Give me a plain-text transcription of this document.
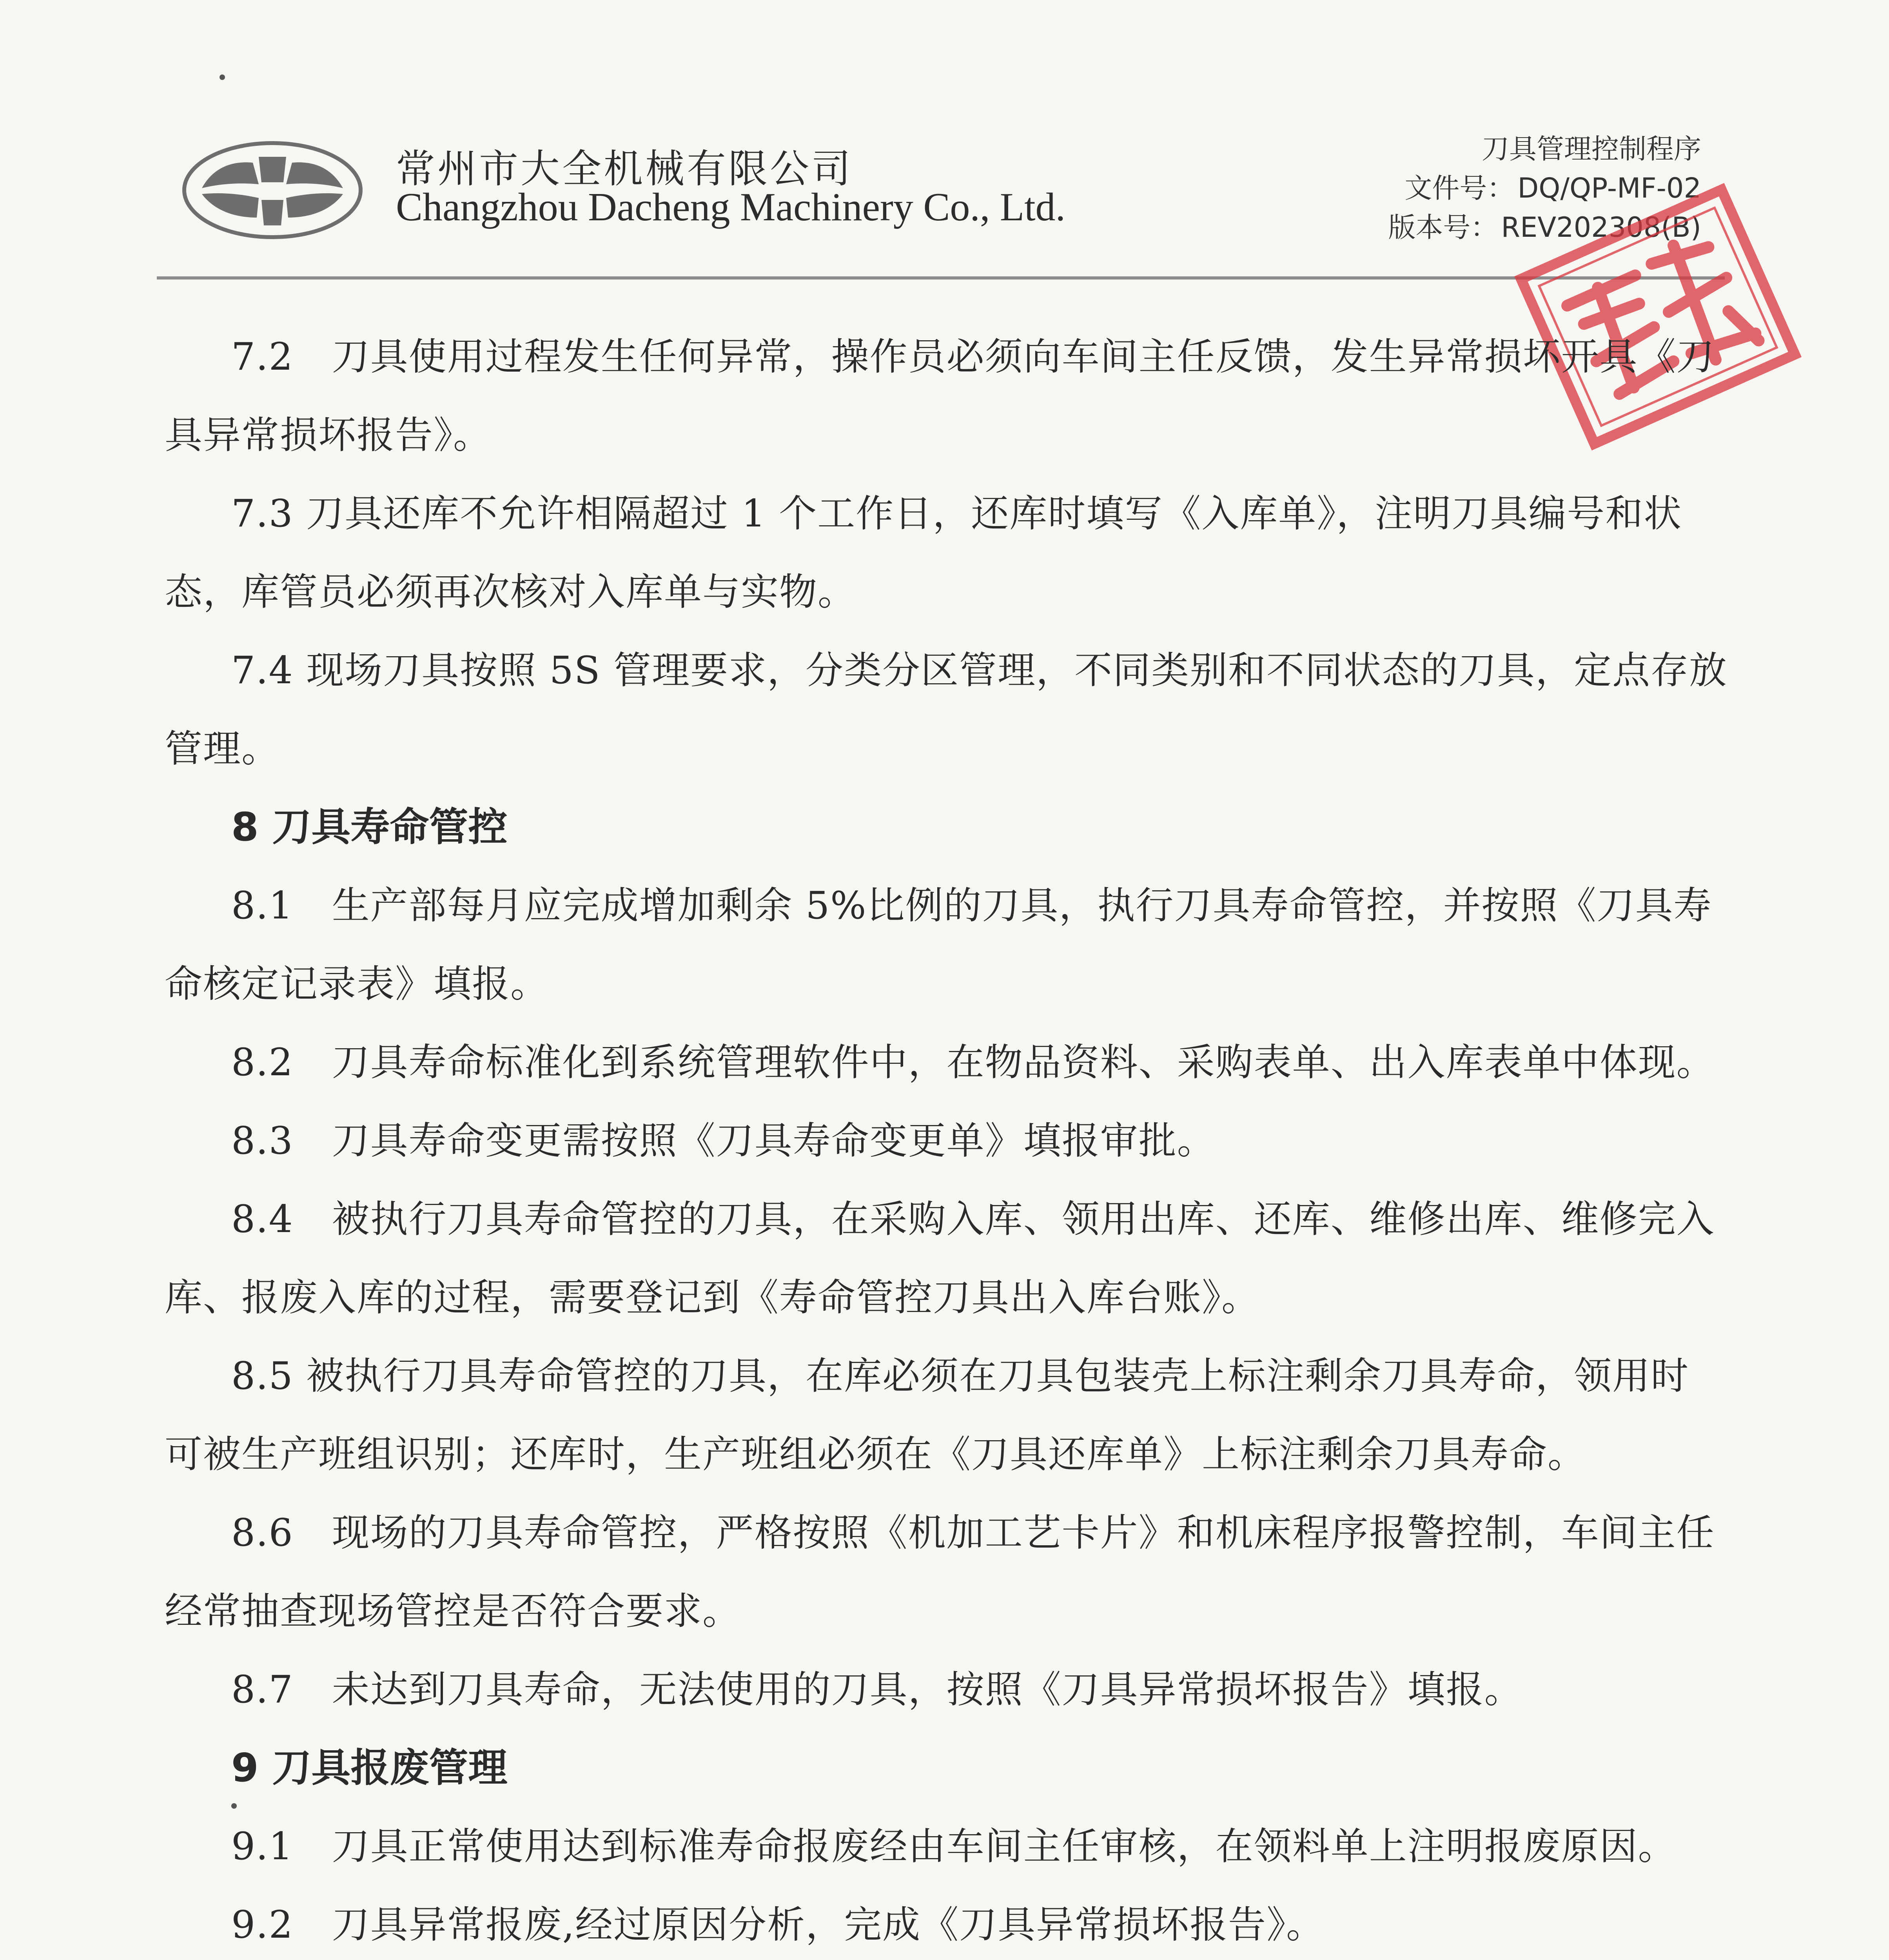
常州市大全机械有限公司
Changzhou Dacheng Machinery Co., Ltd.
刀具管理控制程序
文件号： DQ/QP-MF-02
版本号： REV202308(B)
7.2　刀具使用过程发生任何异常，操作员必须向车间主任反馈，发生异常损坏开具《刀
具异常损坏报告》。
7.3 刀具还库不允许相隔超过 1 个工作日，还库时填写《入库单》，注明刀具编号和状
态，库管员必须再次核对入库单与实物。
7.4 现场刀具按照 5S 管理要求，分类分区管理，不同类别和不同状态的刀具，定点存放
管理。
8 刀具寿命管控
8.1　生产部每月应完成增加剩余 5%比例的刀具，执行刀具寿命管控，并按照《刀具寿
命核定记录表》填报。
8.2　刀具寿命标准化到系统管理软件中，在物品资料、采购表单、出入库表单中体现。
8.3　刀具寿命变更需按照《刀具寿命变更单》填报审批。
8.4　被执行刀具寿命管控的刀具，在采购入库、领用出库、还库、维修出库、维修完入
库、报废入库的过程，需要登记到《寿命管控刀具出入库台账》。
8.5 被执行刀具寿命管控的刀具，在库必须在刀具包装壳上标注剩余刀具寿命，领用时
可被生产班组识别；还库时，生产班组必须在《刀具还库单》上标注剩余刀具寿命。
8.6　现场的刀具寿命管控，严格按照《机加工艺卡片》和机床程序报警控制，车间主任
经常抽查现场管控是否符合要求。
8.7　未达到刀具寿命，无法使用的刀具，按照《刀具异常损坏报告》填报。
9 刀具报废管理
9.1　刀具正常使用达到标准寿命报废经由车间主任审核，在领料单上注明报废原因。
9.2　刀具异常报废,经过原因分析，完成《刀具异常损坏报告》。
